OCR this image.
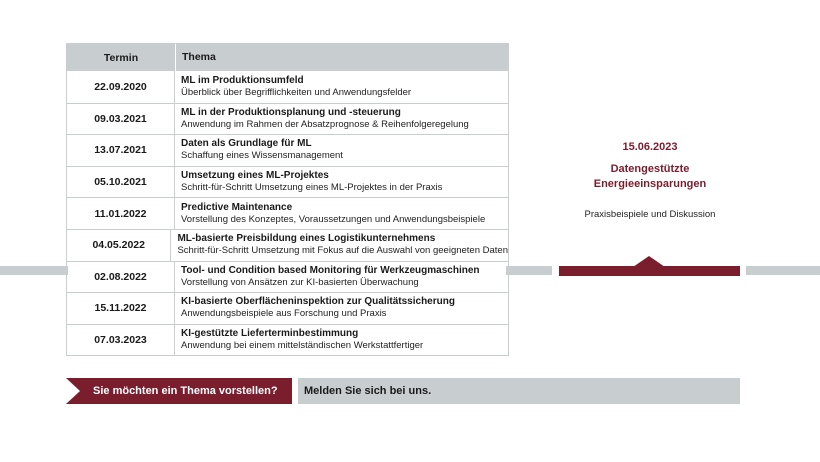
Termin	Thema
22.09.2020
ML im Produktionsumfeld
Überblick über Begrifflichkeiten und Anwendungsfelder
09.03.2021
ML in der Produktionsplanung und -steuerung
Anwendung im Rahmen der Absatzprognose & Reihenfolgeregelung
13.07.2021
Daten als Grundlage für ML
Schaffung eines Wissensmanagement
05.10.2021
Umsetzung eines ML-Projektes
Schritt-für-Schritt Umsetzung eines ML-Projektes in der Praxis
11.01.2022
Predictive Maintenance
Vorstellung des Konzeptes, Voraussetzungen und Anwendungsbeispiele
04.05.2022
ML-basierte Preisbildung eines Logistikunternehmens
Schritt-für-Schritt Umsetzung mit Fokus auf die Auswahl von geeigneten Daten
02.08.2022
Tool- und Condition based Monitoring für Werkzeugmaschinen
Vorstellung von Ansätzen zur KI-basierten Überwachung
15.11.2022
KI-basierte Oberflächeninspektion zur Qualitätssicherung
Anwendungsbeispiele aus Forschung und Praxis
07.03.2023
KI-gestützte Lieferterminbestimmung
Anwendung bei einem mittelständischen Werkstattfertiger
15.06.2023
Datengestützte
Energieeinsparungen
Praxisbeispiele und Diskussion
Sie möchten ein Thema vorstellen?	Melden Sie sich bei uns.
